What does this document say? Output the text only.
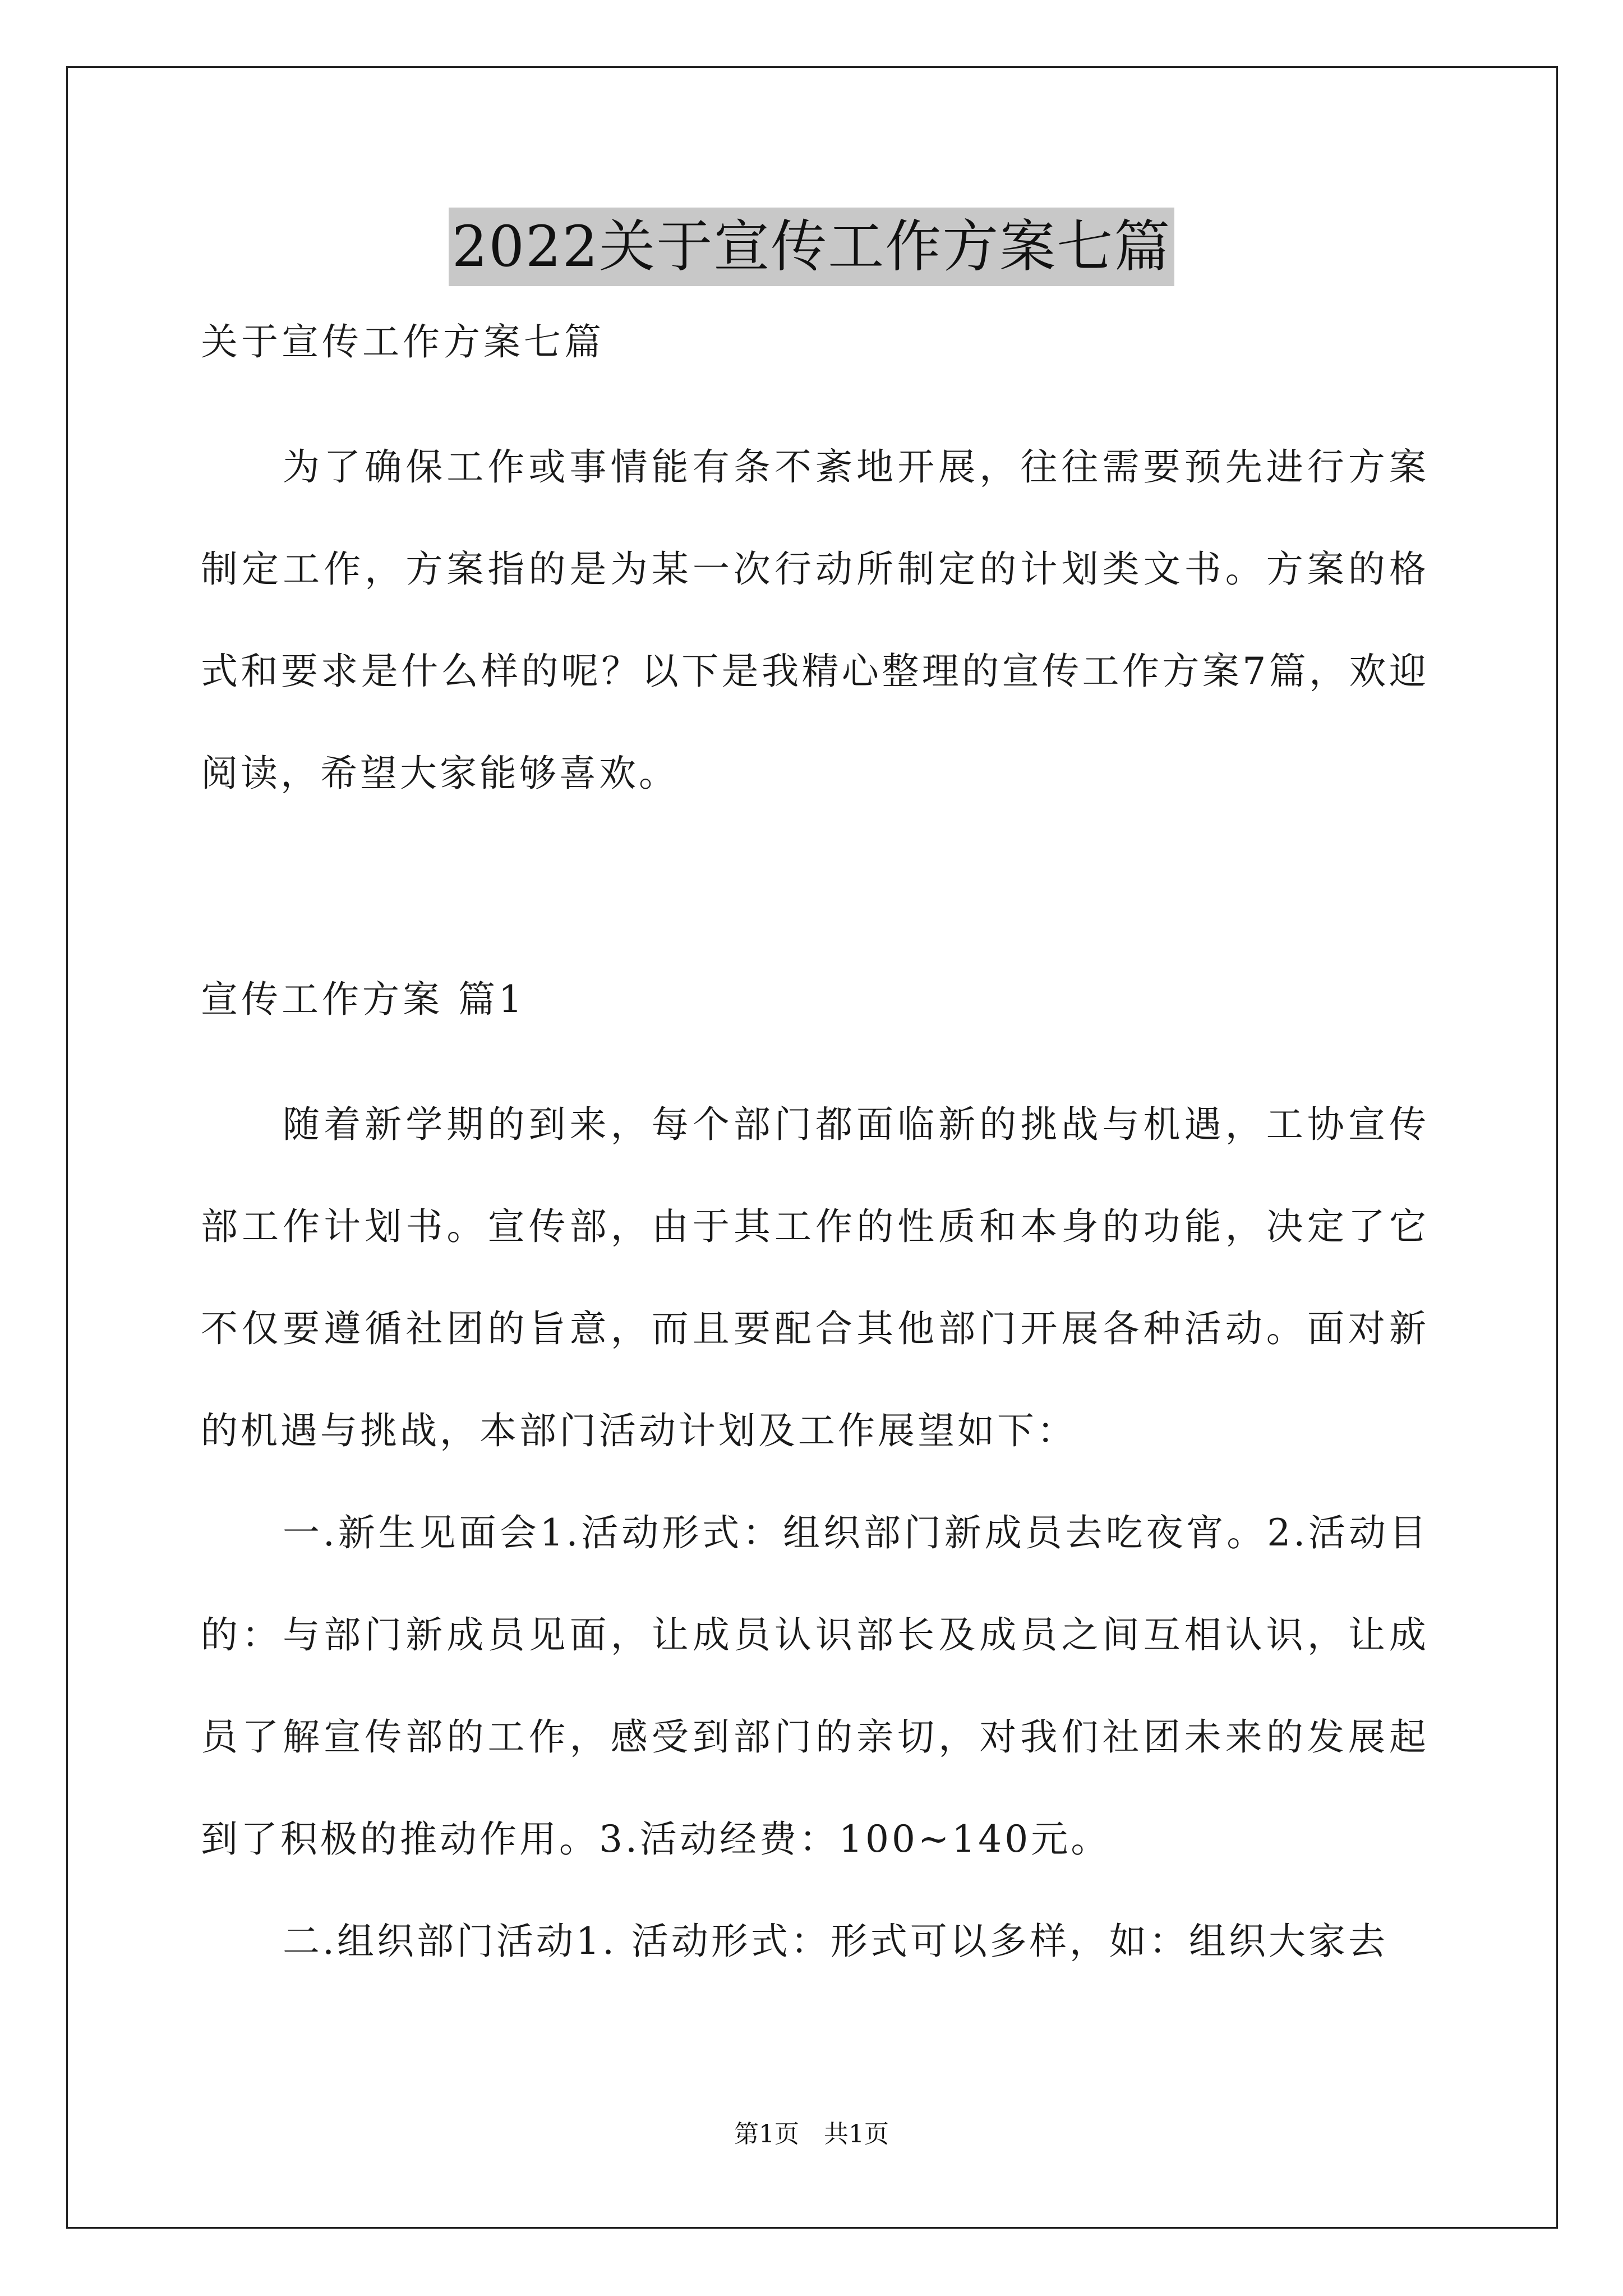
2022关于宣传工作方案七篇

关于宣传工作方案七篇

为了确保工作或事情能有条不紊地开展，往往需要预先进行方案制定工作，方案指的是为某一次行动所制定的计划类文书。方案的格式和要求是什么样的呢？以下是我精心整理的宣传工作方案7篇，欢迎阅读，希望大家能够喜欢。

宣传工作方案 篇1

随着新学期的到来，每个部门都面临新的挑战与机遇，工协宣传部工作计划书。宣传部，由于其工作的性质和本身的功能，决定了它不仅要遵循社团的旨意，而且要配合其他部门开展各种活动。面对新的机遇与挑战，本部门活动计划及工作展望如下：

一.新生见面会1.活动形式：组织部门新成员去吃夜宵。2.活动目的：与部门新成员见面，让成员认识部长及成员之间互相认识，让成员了解宣传部的工作，感受到部门的亲切，对我们社团未来的发展起到了积极的推动作用。3.活动经费：100~140元。

二.组织部门活动1. 活动形式：形式可以多样，如：组织大家去

第1页　共1页
